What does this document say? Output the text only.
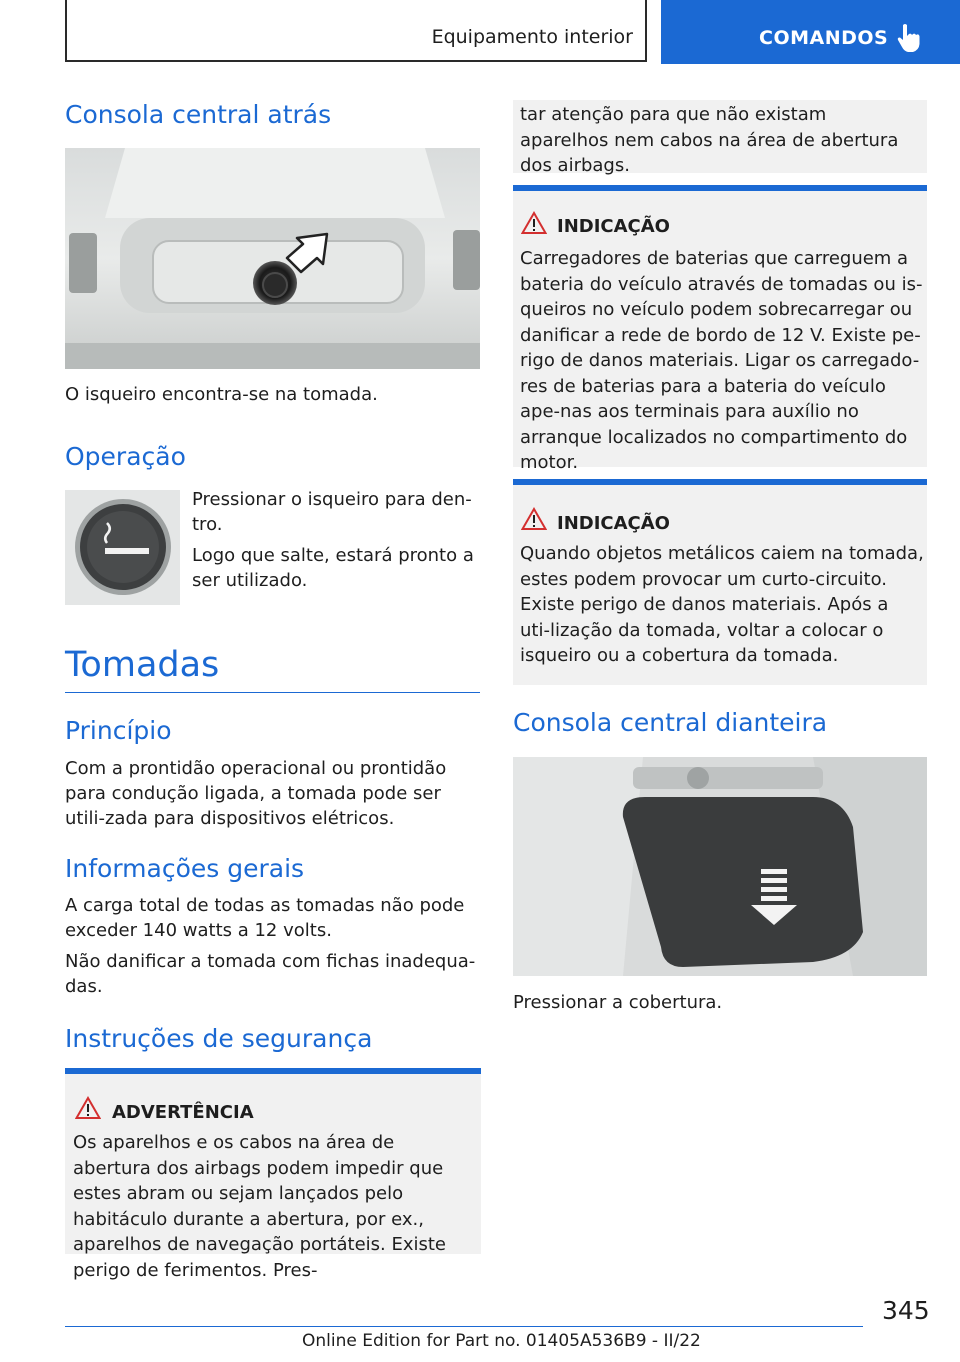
Equipamento interior	COMANDOS
Consola central atrás

O isqueiro encontra-se na tomada.

Operação

Pressionar o isqueiro para den-tro.

Logo que salte, estará pronto a ser utilizado.

Tomadas
Princípio

Com a prontidão operacional ou prontidão para condução ligada, a tomada pode ser utili-zada para dispositivos elétricos.

Informações gerais

A carga total de todas as tomadas não pode exceder 140 watts a 12 volts.

Não danificar a tomada com fichas inadequa-das.

Instruções de segurança
ADVERTÊNCIA

Os aparelhos e os cabos na área de abertura dos airbags podem impedir que estes abram ou sejam lançados pelo habitáculo durante a abertura, por ex., aparelhos de navegação portáteis. Existe perigo de ferimentos. Pres-

tar atenção para que não existam aparelhos nem cabos na área de abertura dos airbags.

INDICAÇÃO

Carregadores de baterias que carreguem a bateria do veículo através de tomadas ou is-queiros no veículo podem sobrecarregar ou danificar a rede de bordo de 12 V. Existe pe-rigo de danos materiais. Ligar os carregado-res de baterias para a bateria do veículo ape-nas aos terminais para auxílio no arranque localizados no compartimento do motor.

INDICAÇÃO

Quando objetos metálicos caiem na tomada, estes podem provocar um curto-circuito. Existe perigo de danos materiais. Após a uti-lização da tomada, voltar a colocar o isqueiro ou a cobertura da tomada.

Consola central dianteira

Pressionar a cobertura.

345
Online Edition for Part no. 01405A536B9 - II/22
